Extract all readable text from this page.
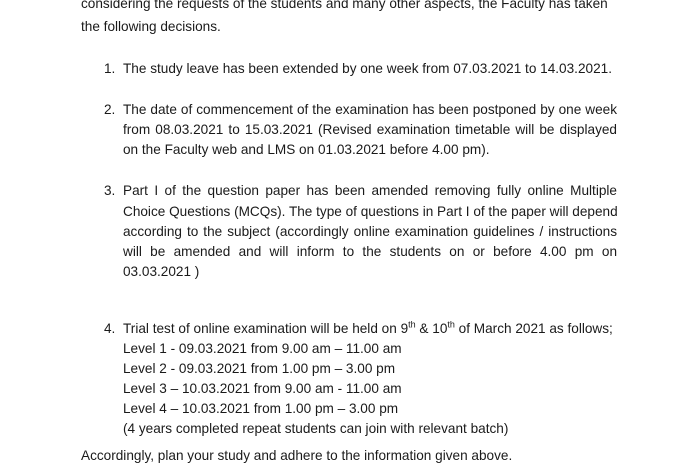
considering the requests of the students and many other aspects, the Faculty has taken
the following decisions.
1. The study leave has been extended by one week from 07.03.2021 to 14.03.2021.
2. The date of commencement of the examination has been postponed by one week
from 08.03.2021 to 15.03.2021 (Revised examination timetable will be displayed
on the Faculty web and LMS on 01.03.2021 before 4.00 pm).
3. Part I of the question paper has been amended removing fully online Multiple
Choice Questions (MCQs). The type of questions in Part I of the paper will depend
according to the subject (accordingly online examination guidelines / instructions
will be amended and will inform to the students on or before 4.00 pm on
03.03.2021 )
4. Trial test of online examination will be held on 9th & 10th of March 2021 as follows;
Level 1 - 09.03.2021 from 9.00 am – 11.00 am
Level 2 - 09.03.2021 from 1.00 pm – 3.00 pm
Level 3 – 10.03.2021 from 9.00 am - 11.00 am
Level 4 – 10.03.2021 from 1.00 pm – 3.00 pm
(4 years completed repeat students can join with relevant batch)
Accordingly, plan your study and adhere to the information given above.
